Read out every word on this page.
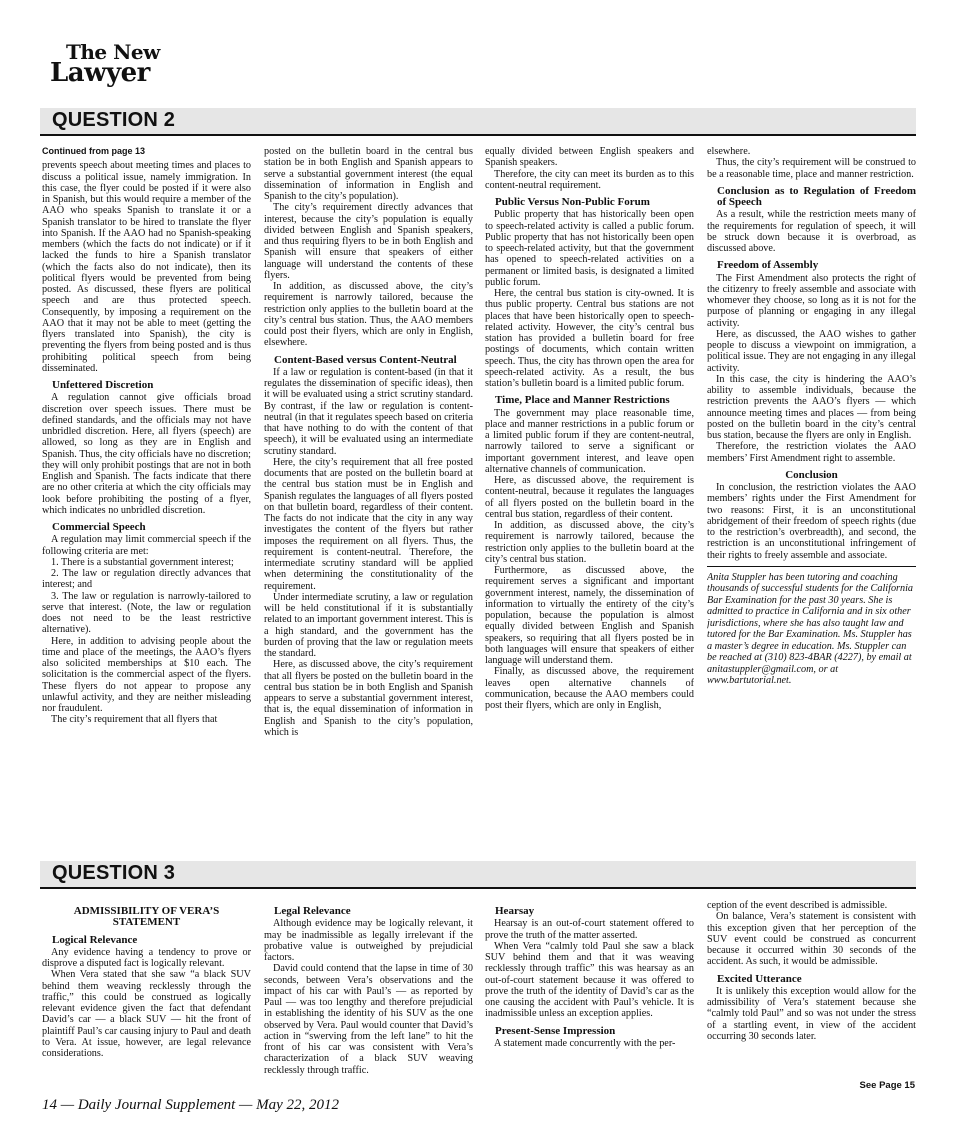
The New
Lawyer
QUESTION 2
Continued from page 13

prevents speech about meeting times and places to discuss a political issue, namely immigration. In this case, the flyer could be posted if it were also in Spanish, but this would require a member of the AAO who speaks Spanish to translate it or a Spanish translator to be hired to translate the flyer into Spanish. If the AAO had no Spanish-speaking members (which the facts do not indicate) or if it lacked the funds to hire a Spanish translator (which the facts also do not indicate), then its political flyers would be prevented from being posted. As discussed, these flyers are political speech and are thus protected speech. Consequently, by imposing a requirement on the AAO that it may not be able to meet (getting the flyers translated into Spanish), the city is preventing the flyers from being posted and is thus prohibiting political speech from being disseminated.

Unfettered Discretion

A regulation cannot give officials broad discretion over speech issues. There must be defined standards, and the officials may not have unbridled discretion. Here, all flyers (speech) are allowed, so long as they are in English and Spanish. Thus, the city officials have no discretion; they will only prohibit postings that are not in both English and Spanish. The facts indicate that there are no other criteria at which the city officials may look before prohibiting the posting of a flyer, which indicates no unbridled discretion.

Commercial Speech

A regulation may limit commercial speech if the following criteria are met:

1. There is a substantial government interest;

2. The law or regulation directly advances that interest; and

3. The law or regulation is narrowly-tailored to serve that interest. (Note, the law or regulation does not need to be the least restrictive alternative).

Here, in addition to advising people about the time and place of the meetings, the AAO’s flyers also solicited memberships at $10 each. The solicitation is the commercial aspect of the flyers. These flyers do not appear to propose any unlawful activity, and they are neither misleading nor fraudulent.

The city’s requirement that all flyers that

posted on the bulletin board in the central bus station be in both English and Spanish appears to serve a substantial government interest (the equal dissemination of information in English and Spanish to the city’s population).

The city’s requirement directly advances that interest, because the city’s population is equally divided between English and Spanish speakers, and thus requiring flyers to be in both English and Spanish will ensure that speakers of either language will understand the contents of these flyers.

In addition, as discussed above, the city’s requirement is narrowly tailored, because the restriction only applies to the bulletin board at the city’s central bus station. Thus, the AAO members could post their flyers, which are only in English, elsewhere.

Content-Based versus Content-Neutral

If a law or regulation is content-based (in that it regulates the dissemination of specific ideas), then it will be evaluated using a strict scrutiny standard. By contrast, if the law or regulation is content-neutral (in that it regulates speech based on criteria that have nothing to do with the content of that speech), it will be evaluated using an intermediate scrutiny standard.

Here, the city’s requirement that all free posted documents that are posted on the bulletin board at the central bus station must be in English and Spanish regulates the languages of all flyers posted on that bulletin board, regardless of their content. The facts do not indicate that the city in any way investigates the content of the flyers but rather imposes the requirement on all flyers. Thus, the requirement is content-neutral. Therefore, the intermediate scrutiny standard will be applied when determining the constitutionality of the requirement.

Under intermediate scrutiny, a law or regulation will be held constitutional if it is substantially related to an important government interest. This is a high standard, and the government has the burden of proving that the law or regulation meets the standard.

Here, as discussed above, the city’s requirement that all flyers be posted on the bulletin board in the central bus station be in both English and Spanish appears to serve a substantial government interest, that is, the equal dissemination of information in English and Spanish to the city’s population, which is

equally divided between English speakers and Spanish speakers.

Therefore, the city can meet its burden as to this content-neutral requirement.

Public Versus Non-Public Forum

Public property that has historically been open to speech-related activity is called a public forum. Public property that has not historically been open to speech-related activity, but that the government has opened to speech-related activities on a permanent or limited basis, is designated a limited public forum.

Here, the central bus station is city-owned. It is thus public property. Central bus stations are not places that have been historically open to speech-related activity. However, the city’s central bus station has provided a bulletin board for free postings of documents, which contain written speech. Thus, the city has thrown open the area for speech-related activity. As a result, the bus station’s bulletin board is a limited public forum.

Time, Place and Manner Restrictions

The government may place reasonable time, place and manner restrictions in a public forum or a limited public forum if they are content-neutral, narrowly tailored to serve a significant or important government interest, and leave open alternative channels of communication.

Here, as discussed above, the requirement is content-neutral, because it regulates the languages of all flyers posted on the bulletin board in the central bus station, regardless of their content.

In addition, as discussed above, the city’s requirement is narrowly tailored, because the restriction only applies to the bulletin board at the city’s central bus station.

Furthermore, as discussed above, the requirement serves a significant and important government interest, namely, the dissemination of information to virtually the entirety of the city’s population, because the population is almost equally divided between English and Spanish speakers, so requiring that all flyers posted be in both languages will ensure that speakers of either language will understand them.

Finally, as discussed above, the requirement leaves open alternative channels of communication, because the AAO members could post their flyers, which are only in English,

elsewhere.

Thus, the city’s requirement will be construed to be a reasonable time, place and manner restriction.

Conclusion as to Regulation of Freedom of Speech

As a result, while the restriction meets many of the requirements for regulation of speech, it will be struck down because it is overbroad, as discussed above.

Freedom of Assembly

The First Amendment also protects the right of the citizenry to freely assemble and associate with whomever they choose, so long as it is not for the purpose of planning or engaging in any illegal activity.

Here, as discussed, the AAO wishes to gather people to discuss a viewpoint on immigration, a political issue. They are not engaging in any illegal activity.

In this case, the city is hindering the AAO’s ability to assemble individuals, because the restriction prevents the AAO’s flyers — which announce meeting times and places — from being posted on the bulletin board in the city’s central bus station, because the flyers are only in English.

Therefore, the restriction violates the AAO members’ First Amendment right to assemble.

Conclusion

In conclusion, the restriction violates the AAO members’ rights under the First Amendment for two reasons: First, it is an unconstitutional abridgement of their freedom of speech rights (due to the restriction’s overbreadth), and second, the restriction is an unconstitutional infringement of their rights to freely assemble and associate.

Anita Stuppler has been tutoring and coaching thousands of successful students for the California Bar Examination for the past 30 years. She is admitted to practice in California and in six other jurisdictions, where she has also taught law and tutored for the Bar Examination. Ms. Stuppler has a master’s degree in education. Ms. Stuppler can be reached at (310) 823-4BAR (4227), by email at anitastuppler@gmail.com, or at www.bartutorial.net.
QUESTION 3
ADMISSIBILITY OF VERA’S STATEMENT
Logical Relevance

Any evidence having a tendency to prove or disprove a disputed fact is logically relevant.

When Vera stated that she saw “a black SUV behind them weaving recklessly through the traffic,” this could be construed as logically relevant evidence given the fact that defendant David’s car — a black SUV — hit the front of plaintiff Paul’s car causing injury to Paul and death to Vera. At issue, however, are legal relevance considerations.

Legal Relevance

Although evidence may be logically relevant, it may be inadmissible as legally irrelevant if the probative value is outweighed by prejudicial factors.

David could contend that the lapse in time of 30 seconds, between Vera’s observations and the impact of his car with Paul’s — as reported by Paul — was too lengthy and therefore prejudicial in establishing the identity of his SUV as the one observed by Vera. Paul would counter that David’s action in “swerving from the left lane” to hit the front of his car was consistent with Vera’s characterization of a black SUV weaving recklessly through traffic.

Hearsay

Hearsay is an out-of-court statement offered to prove the truth of the matter asserted.

When Vera “calmly told Paul she saw a black SUV behind them and that it was weaving recklessly through traffic” this was hearsay as an out-of-court statement because it was offered to prove the truth of the identity of David’s car as the one causing the accident with Paul’s vehicle. It is inadmissible unless an exception applies.

Present-Sense Impression

A statement made concurrently with the per-

ception of the event described is admissible.

On balance, Vera’s statement is consistent with this exception given that her perception of the SUV event could be construed as concurrent because it occurred within 30 seconds of the accident. As such, it would be admissible.

Excited Utterance

It is unlikely this exception would allow for the admissibility of Vera’s statement because she “calmly told Paul” and so was not under the stress of a startling event, in view of the accident occurring 30 seconds later.

See Page 15
14 — Daily Journal Supplement — May 22, 2012
